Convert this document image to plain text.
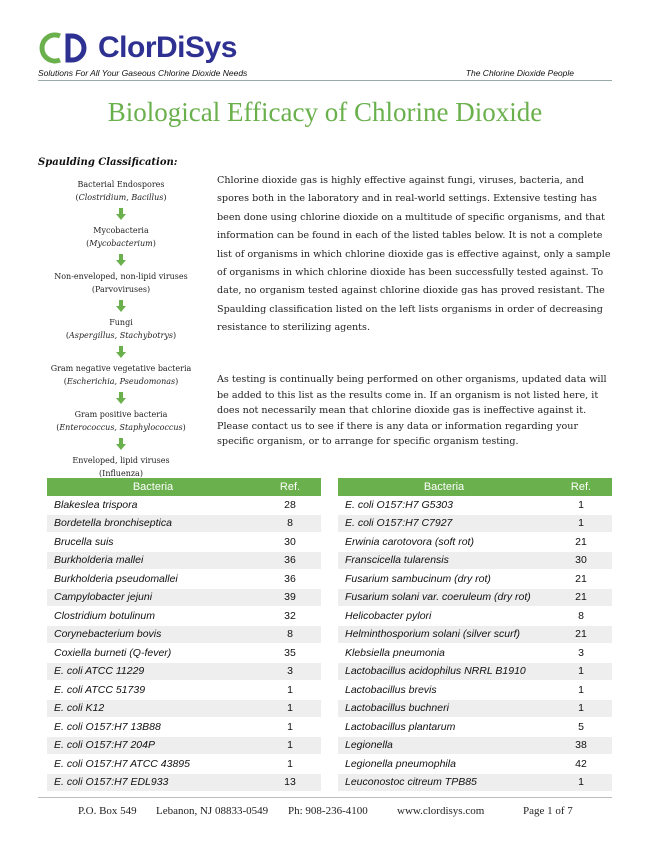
ClorDiSys
Solutions For All Your Gaseous Chlorine Dioxide Needs	The Chlorine Dioxide People
Biological Efficacy of Chlorine Dioxide
Spaulding Classification:
Bacterial Endospores
(Clostridium, Bacillus)
Mycobacteria
(Mycobacterium)
Non-enveloped, non-lipid viruses
(Parvoviruses)
Fungi
(Aspergillus, Stachybotrys)
Gram negative vegetative bacteria
(Escherichia, Pseudomonas)
Gram positive bacteria
(Enterococcus, Staphylococcus)
Enveloped, lipid viruses
(Influenza)

Chlorine dioxide gas is highly effective against fungi, viruses, bacteria, and spores both in the laboratory and in real-world settings. Extensive testing has been done using chlorine dioxide on a multitude of specific organisms, and that information can be found in each of the listed tables below. It is not a complete list of organisms in which chlorine dioxide gas is effective against, only a sample of organisms in which chlorine dioxide has been successfully tested against. To date, no organism tested against chlorine dioxide gas has proved resistant. The Spaulding classification listed on the left lists organisms in order of decreasing resistance to sterilizing agents.

As testing is continually being performed on other organisms, updated data will be added to this list as the results come in. If an organism is not listed here, it does not necessarily mean that chlorine dioxide gas is ineffective against it. Please contact us to see if there is any data or information regarding your specific organism, or to arrange for specific organism testing.

Bacteria	Ref.
Blakeslea trispora	28
Bordetella bronchiseptica	8
Brucella suis	30
Burkholderia mallei	36
Burkholderia pseudomallei	36
Campylobacter jejuni	39
Clostridium botulinum	32
Corynebacterium bovis	8
Coxiella burneti (Q-fever)	35
E. coli ATCC 11229	3
E. coli ATCC 51739	1
E. coli K12	1
E. coli O157:H7 13B88	1
E. coli O157:H7 204P	1
E. coli O157:H7 ATCC 43895	1
E. coli O157:H7 EDL933	13
Bacteria	Ref.
E. coli O157:H7 G5303	1
E. coli O157:H7 C7927	1
Erwinia carotovora (soft rot)	21
Franscicella tularensis	30
Fusarium sambucinum (dry rot)	21
Fusarium solani var. coeruleum (dry rot)	21
Helicobacter pylori	8
Helminthosporium solani (silver scurf)	21
Klebsiella pneumonia	3
Lactobacillus acidophilus NRRL B1910	1
Lactobacillus brevis	1
Lactobacillus buchneri	1
Lactobacillus plantarum	5
Legionella	38
Legionella pneumophila	42
Leuconostoc citreum TPB85	1
P.O. Box 549 Lebanon, NJ 08833-0549 Ph: 908-236-4100	www.clordisys.com	Page 1 of 7
